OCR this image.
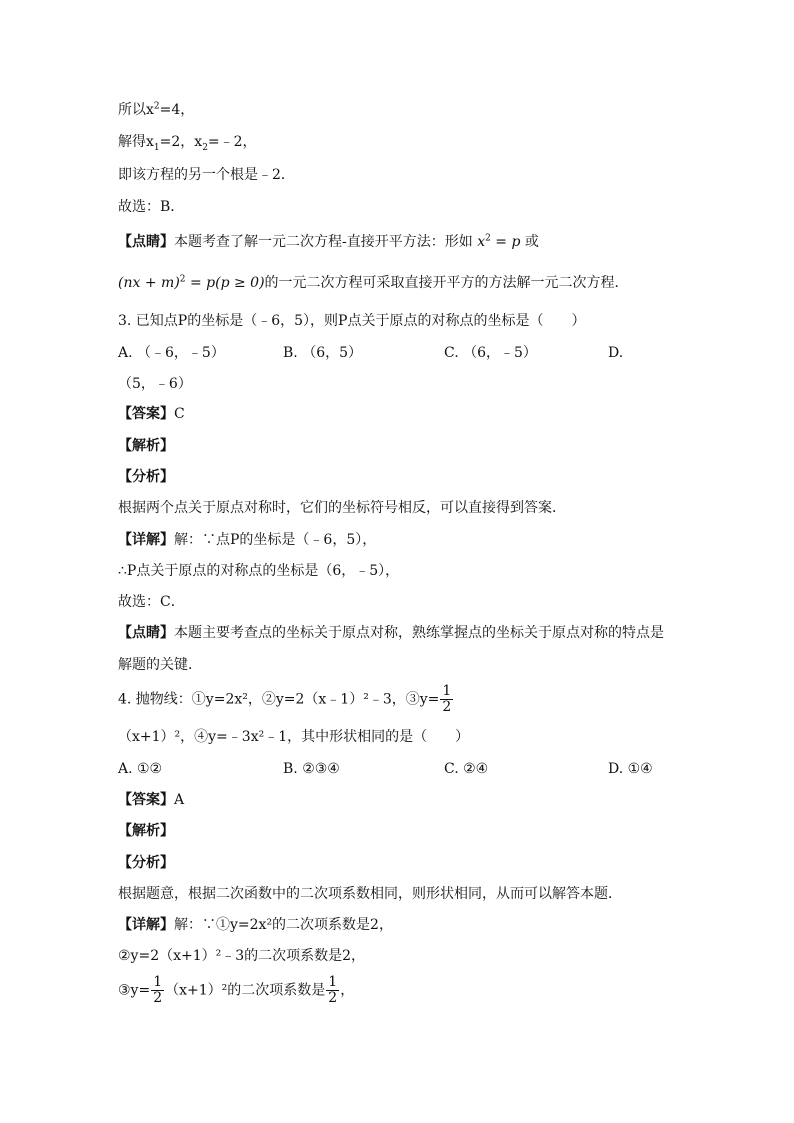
所以$x^2=4$，
解得$x_1=2$，$x_2=﹣2$，
即该方程的另一个根是﹣2．
故选：B．
【点睛】本题考查了解一元二次方程-直接开平方法：形如 $x^2 = p$ 或
(nx + m)$^2$ = p(p ≥ 0)的一元二次方程可采取直接开平方的方法解一元二次方程．
3. 已知点P的坐标是（﹣6，5），则P点关于原点的对称点的坐标是（　　）
A. （﹣6，﹣5）	B. （6，5）	C. （6，﹣5）	D.
（5，﹣6）
【答案】C
【解析】
【分析】
根据两个点关于原点对称时，它们的坐标符号相反，可以直接得到答案．
【详解】解：∵点P的坐标是（﹣6，5），
∴P点关于原点的对称点的坐标是（6，﹣5），
故选：C．
【点睛】本题主要考查点的坐标关于原点对称，熟练掌握点的坐标关于原点对称的特点是
解题的关键．
4. 抛物线：①y=2x²，②y=2（x﹣1）²﹣3，③y= $\frac{1}{2}$
（x+1）²，④y=﹣3x²﹣1，其中形状相同的是（　　）
A. ①②	B. ②③④	C. ②④	D. ①④
【答案】A
【解析】
【分析】
根据题意，根据二次函数中的二次项系数相同，则形状相同，从而可以解答本题．
【详解】解：∵①y=2x²的二次项系数是2，
②y=2（x+1）²﹣3的二次项系数是2，
③y= $\frac{1}{2} (x+1)^2$的二次项系数是 $\frac{1}{2}$ ，
